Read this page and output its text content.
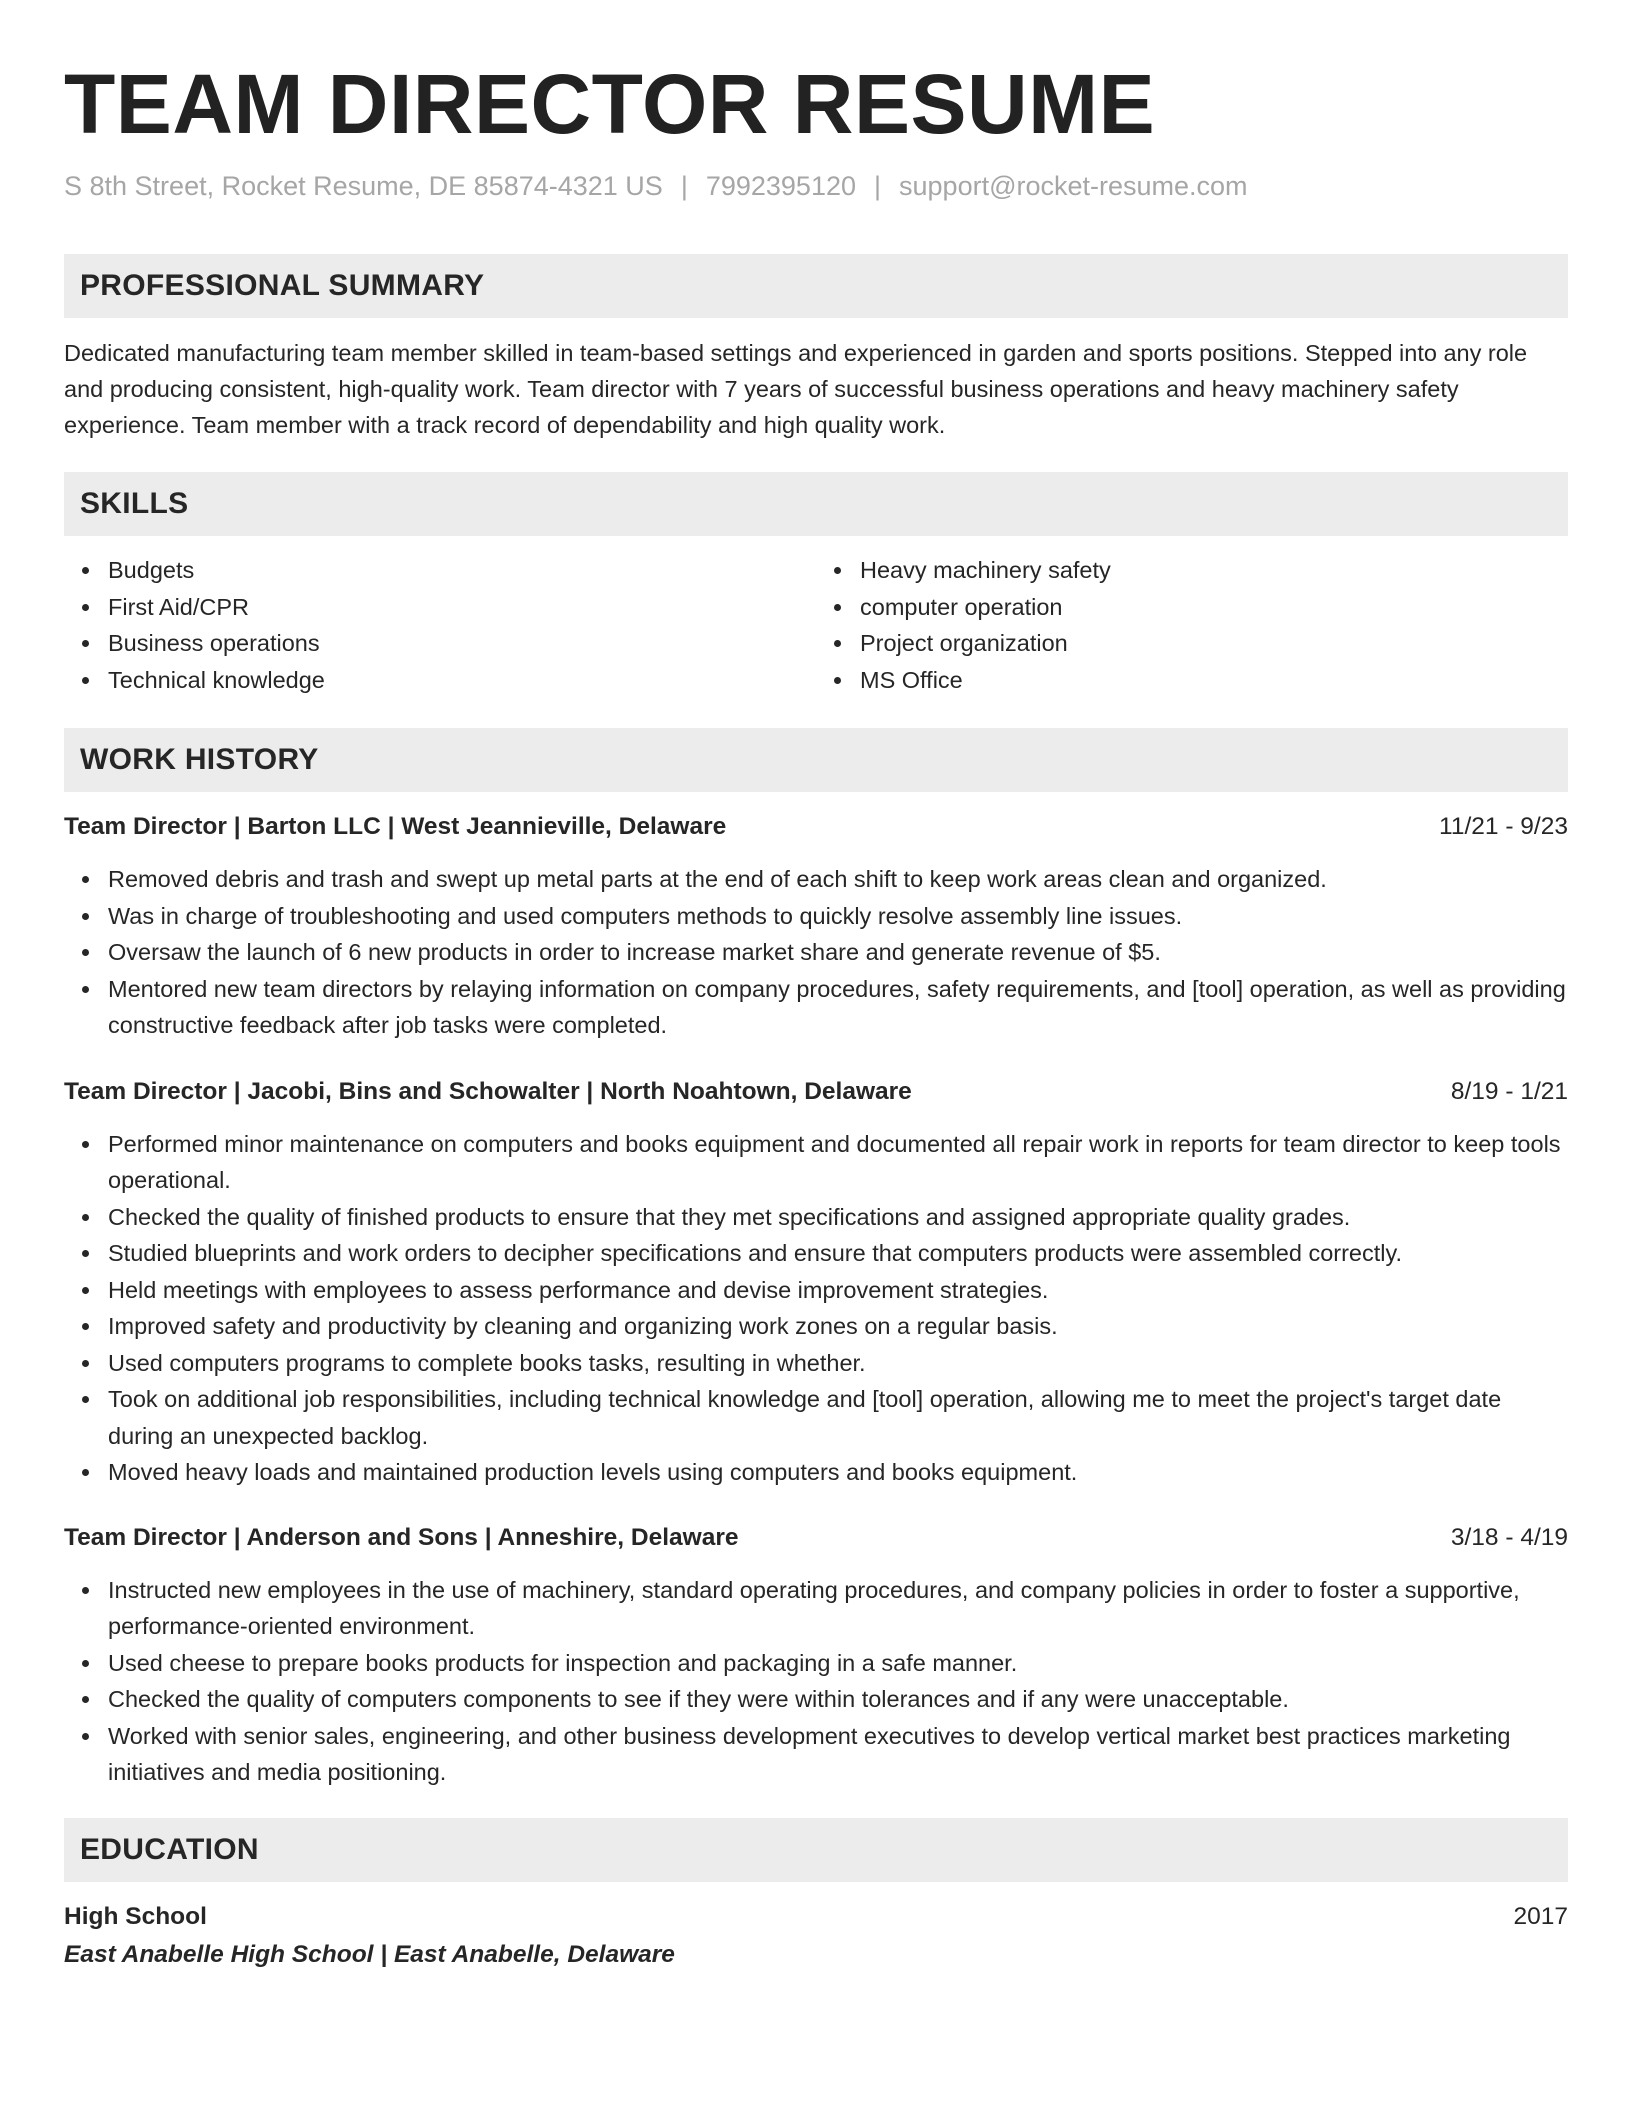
TEAM DIRECTOR RESUME
S 8th Street, Rocket Resume, DE 85874-4321 US | 7992395120 | support@rocket-resume.com
PROFESSIONAL SUMMARY

Dedicated manufacturing team member skilled in team-based settings and experienced in garden and sports positions. Stepped into any role and producing consistent, high-quality work. Team director with 7 years of successful business operations and heavy machinery safety experience. Team member with a track record of dependability and high quality work.

SKILLS
Budgets
First Aid/CPR
Business operations
Technical knowledge
Heavy machinery safety
computer operation
Project organization
MS Office
WORK HISTORY
Team Director | Barton LLC | West Jeannieville, Delaware	11/21 - 9/23
Removed debris and trash and swept up metal parts at the end of each shift to keep work areas clean and organized.
Was in charge of troubleshooting and used computers methods to quickly resolve assembly line issues.
Oversaw the launch of 6 new products in order to increase market share and generate revenue of $5.
Mentored new team directors by relaying information on company procedures, safety requirements, and [tool] operation, as well as providing constructive feedback after job tasks were completed.
Team Director | Jacobi, Bins and Schowalter | North Noahtown, Delaware	8/19 - 1/21
Performed minor maintenance on computers and books equipment and documented all repair work in reports for team director to keep tools operational.
Checked the quality of finished products to ensure that they met specifications and assigned appropriate quality grades.
Studied blueprints and work orders to decipher specifications and ensure that computers products were assembled correctly.
Held meetings with employees to assess performance and devise improvement strategies.
Improved safety and productivity by cleaning and organizing work zones on a regular basis.
Used computers programs to complete books tasks, resulting in whether.
Took on additional job responsibilities, including technical knowledge and [tool] operation, allowing me to meet the project's target date during an unexpected backlog.
Moved heavy loads and maintained production levels using computers and books equipment.
Team Director | Anderson and Sons | Anneshire, Delaware	3/18 - 4/19
Instructed new employees in the use of machinery, standard operating procedures, and company policies in order to foster a supportive, performance-oriented environment.
Used cheese to prepare books products for inspection and packaging in a safe manner.
Checked the quality of computers components to see if they were within tolerances and if any were unacceptable.
Worked with senior sales, engineering, and other business development executives to develop vertical market best practices marketing initiatives and media positioning.
EDUCATION
High School	2017
East Anabelle High School | East Anabelle, Delaware
